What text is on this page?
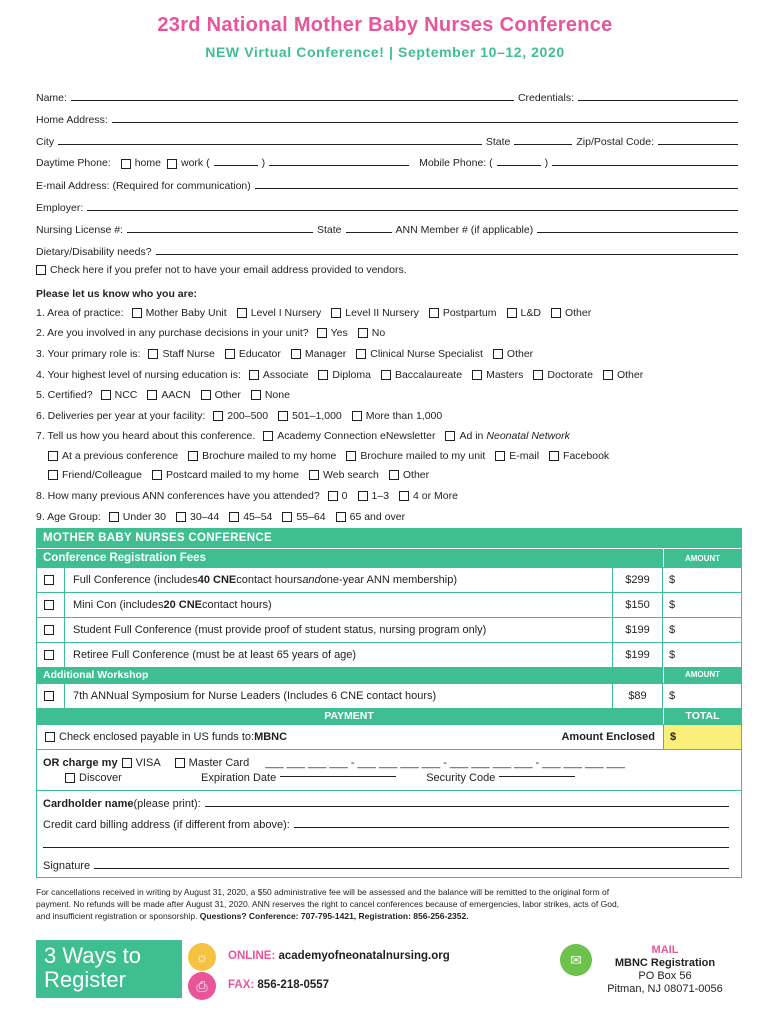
23rd National Mother Baby Nurses Conference
NEW Virtual Conference! | September 10–12, 2020
Name:	Credentials:
Home Address:
City	State	Zip/Postal Code:
Daytime Phone: home work (	)	Mobile Phone: (	)
E-mail Address: (Required for communication)
Employer:
Nursing License #:	State	ANN Member # (if applicable)
Dietary/Disability needs?
Check here if you prefer not to have your email address provided to vendors.
Please let us know who you are:
1. Area of practice: Mother Baby Unit Level I Nursery Level II Nursery Postpartum L&D Other
2. Are you involved in any purchase decisions in your unit? Yes No
3. Your primary role is: Staff Nurse Educator Manager Clinical Nurse Specialist Other
4. Your highest level of nursing education is: Associate Diploma Baccalaureate Masters Doctorate Other
5. Certified? NCC AACN Other None
6. Deliveries per year at your facility: 200–500 501–1,000 More than 1,000
7. Tell us how you heard about this conference. Academy Connection eNewsletter Ad in Neonatal Network
At a previous conference Brochure mailed to my home Brochure mailed to my unit E-mail Facebook
Friend/Colleague Postcard mailed to my home Web search Other
8. How many previous ANN conferences have you attended? 0 1–3 4 or More
9. Age Group: Under 30 30–44 45–54 55–64 65 and over
MOTHER BABY NURSES CONFERENCE
Conference Registration Fees	AMOUNT
Full Conference (includes 40 CNE contact hours and one-year ANN membership)	$299	$
Mini Con (includes 20 CNE contact hours)	$150	$
Student Full Conference (must provide proof of student status, nursing program only)	$199	$
Retiree Full Conference (must be at least 65 years of age)	$199	$
Additional Workshop	AMOUNT
7th ANNual Symposium for Nurse Leaders (Includes 6 CNE contact hours)	$89	$
PAYMENT	TOTAL
Check enclosed payable in US funds to: MBNC	Amount Enclosed	$
OR charge my VISA	Master Card ___ ___ ___ ___ - ___ ___ ___ ___ - ___ ___ ___ ___ - ___ ___ ___ ___
Discover	Expiration Date	Security Code
Cardholder name (please print):
Credit card billing address (if different from above):
Signature
For cancellations received in writing by August 31, 2020, a $50 administrative fee will be assessed and the balance will be remitted to the original form of
payment. No refunds will be made after August 31, 2020. ANN reserves the right to cancel conferences because of emergencies, labor strikes, acts of God,
and insufficient registration or sponsorship. Questions? Conference: 707-795-1421, Registration: 856-256-2352.
3 Ways to
Register
☼	ONLINE: academyofneonatalnursing.org
⎙	FAX: 856-218-0557
✉
MAIL
MBNC Registration
PO Box 56
Pitman, NJ 08071-0056
